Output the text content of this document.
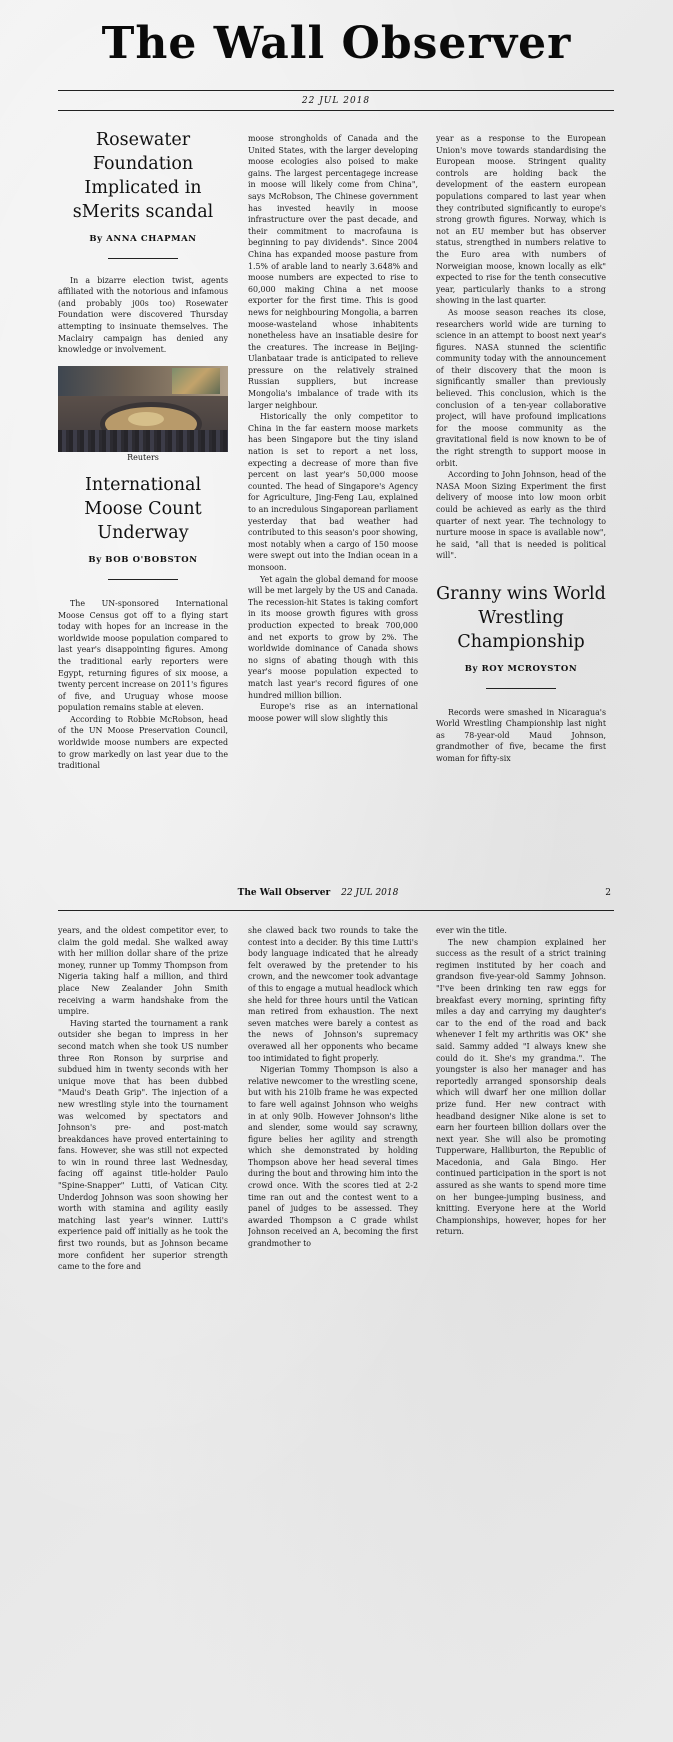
The Wall Observer
22 JUL 2018
Rosewater Foundation Implicated in sMerits scandal

By ANNA CHAPMAN

In a bizarre election twist, agents affiliated with the notorious and infamous (and probably j00s too) Rosewater Foundation were discovered Thursday attempting to insinuate themselves. The Maclairy campaign has denied any knowledge or involvement.

Reuters

International Moose Count Underway

By BOB O'BOBSTON

The UN-sponsored International Moose Census got off to a flying start today with hopes for an increase in the worldwide moose population compared to last year's disappointing figures. Among the traditional early reporters were Egypt, returning figures of six moose, a twenty percent increase on 2011's figures of five, and Uruguay whose moose population remains stable at eleven.

According to Robbie McRobson, head of the UN Moose Preservation Council, worldwide moose numbers are expected to grow markedly on last year due to the traditional

moose strongholds of Canada and the United States, with the larger developing moose ecologies also poised to make gains. The largest percentagege increase in moose will likely come from China", says McRobson, The Chinese government has invested heavily in moose infrastructure over the past decade, and their commitment to macrofauna is beginning to pay dividends". Since 2004 China has expanded moose pasture from 1.5% of arable land to nearly 3.648% and moose numbers are expected to rise to 60,000 making China a net moose exporter for the first time. This is good news for neighbouring Mongolia, a barren moose-wasteland whose inhabitents nonetheless have an insatiable desire for the creatures. The increase in Beijing-Ulanbataar trade is anticipated to relieve pressure on the relatively strained Russian suppliers, but increase Mongolia's imbalance of trade with its larger neighbour.

Historically the only competitor to China in the far eastern moose markets has been Singapore but the tiny island nation is set to report a net loss, expecting a decrease of more than five percent on last year's 50,000 moose counted. The head of Singapore's Agency for Agriculture, Jing-Feng Lau, explained to an incredulous Singaporean parliament yesterday that bad weather had contributed to this season's poor showing, most notably when a cargo of 150 moose were swept out into the Indian ocean in a monsoon.

Yet again the global demand for moose will be met largely by the US and Canada. The recession-hit States is taking comfort in its moose growth figures with gross production expected to break 700,000 and net exports to grow by 2%. The worldwide dominance of Canada shows no signs of abating though with this year's moose population expected to match last year's record figures of one hundred million billion.

Europe's rise as an international moose power will slow slightly this

year as a response to the European Union's move towards standardising the European moose. Stringent quality controls are holding back the development of the eastern european populations compared to last year when they contributed significantly to europe's strong growth figures. Norway, which is not an EU member but has observer status, strengthed in numbers relative to the Euro area with numbers of Norweigian moose, known locally as elk" expected to rise for the tenth consecutive year, particularly thanks to a strong showing in the last quarter.

As moose season reaches its close, researchers world wide are turning to science in an attempt to boost next year's figures. NASA stunned the scientific community today with the announcement of their discovery that the moon is significantly smaller than previously believed. This conclusion, which is the conclusion of a ten-year collaborative project, will have profound implications for the moose community as the gravitational field is now known to be of the right strength to support moose in orbit.

According to John Johnson, head of the NASA Moon Sizing Experiment the first delivery of moose into low moon orbit could be achieved as early as the third quarter of next year. The technology to nurture moose in space is available now", he said, "all that is needed is political will".

Granny wins World Wrestling Championship

By ROY MCROYSTON

Records were smashed in Nicaragua's World Wrestling Championship last night as 78-year-old Maud Johnson, grandmother of five, became the first woman for fifty-six

The Wall Observer 22 JUL 2018	2

years, and the oldest competitor ever, to claim the gold medal. She walked away with her million dollar share of the prize money, runner up Tommy Thompson from Nigeria taking half a million, and third place New Zealander John Smith receiving a warm handshake from the umpire.

Having started the tournament a rank outsider she began to impress in her second match when she took US number three Ron Ronson by surprise and subdued him in twenty seconds with her unique move that has been dubbed "Maud's Death Grip". The injection of a new wrestling style into the tournament was welcomed by spectators and Johnson's pre- and post-match breakdances have proved entertaining to fans. However, she was still not expected to win in round three last Wednesday, facing off against title-holder Paulo "Spine-Snapper" Lutti, of Vatican City. Underdog Johnson was soon showing her worth with stamina and agility easily matching last year's winner. Lutti's experience paid off initially as he took the first two rounds, but as Johnson became more confident her superior strength came to the fore and

she clawed back two rounds to take the contest into a decider. By this time Lutti's body language indicated that he already felt overawed by the pretender to his crown, and the newcomer took advantage of this to engage a mutual headlock which she held for three hours until the Vatican man retired from exhaustion. The next seven matches were barely a contest as the news of Johnson's supremacy overawed all her opponents who became too intimidated to fight properly.

Nigerian Tommy Thompson is also a relative newcomer to the wrestling scene, but with his 210lb frame he was expected to fare well against Johnson who weighs in at only 90lb. However Johnson's lithe and slender, some would say scrawny, figure belies her agility and strength which she demonstrated by holding Thompson above her head several times during the bout and throwing him into the crowd once. With the scores tied at 2-2 time ran out and the contest went to a panel of judges to be assessed. They awarded Thompson a C grade whilst Johnson received an A, becoming the first grandmother to

ever win the title.

The new champion explained her success as the result of a strict training regimen instituted by her coach and grandson five-year-old Sammy Johnson. "I've been drinking ten raw eggs for breakfast every morning, sprinting fifty miles a day and carrying my daughter's car to the end of the road and back whenever I felt my arthritis was OK" she said. Sammy added "I always knew she could do it. She's my grandma.". The youngster is also her manager and has reportedly arranged sponsorship deals which will dwarf her one million dollar prize fund. Her new contract with headband designer Nike alone is set to earn her fourteen billion dollars over the next year. She will also be promoting Tupperware, Halliburton, the Republic of Macedonia, and Gala Bingo. Her continued participation in the sport is not assured as she wants to spend more time on her bungee-jumping business, and knitting. Everyone here at the World Championships, however, hopes for her return.
